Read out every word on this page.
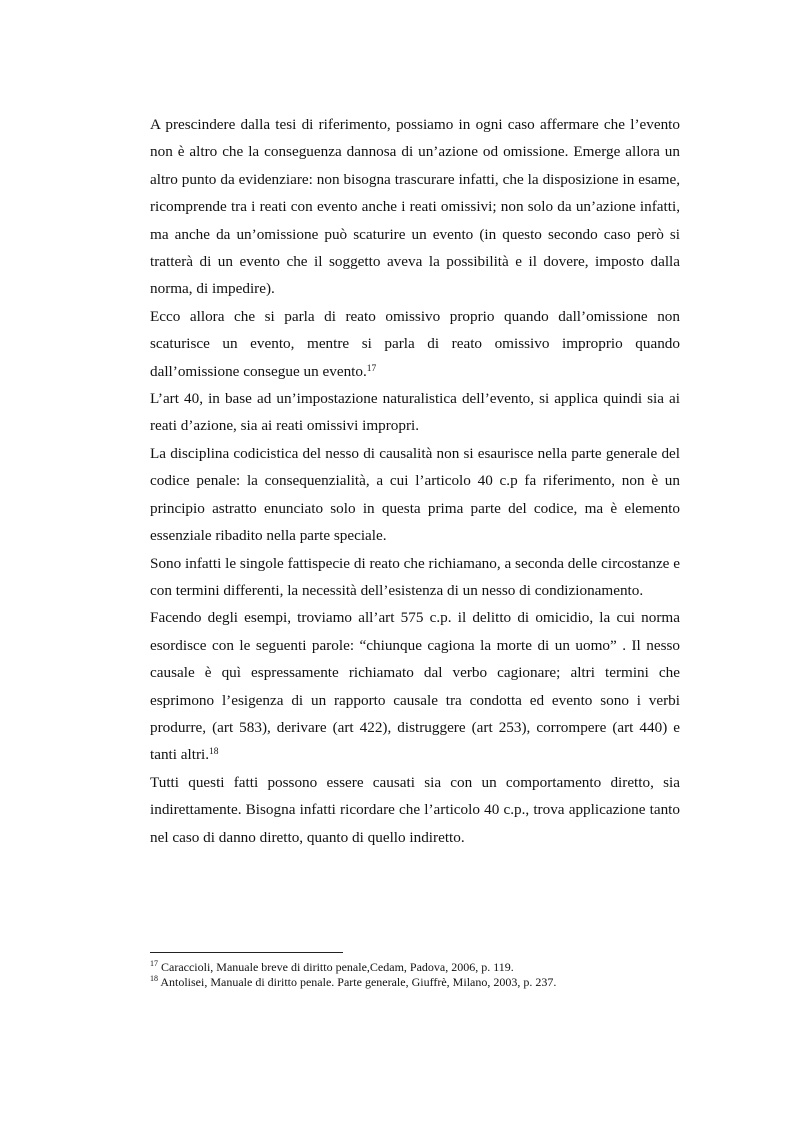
A prescindere dalla tesi di riferimento, possiamo in ogni caso affermare che l’evento non è altro che la conseguenza dannosa di un’azione od omissione. Emerge allora un altro punto da evidenziare: non bisogna trascurare infatti, che la disposizione in esame, ricomprende tra i reati con evento anche i reati omissivi; non solo da un’azione infatti, ma anche da un’omissione può scaturire un evento (in questo secondo caso però si tratterà di un evento che il soggetto aveva la possibilità e il dovere, imposto dalla norma, di impedire).

Ecco allora che si parla di reato omissivo proprio quando dall’omissione non scaturisce un evento, mentre si parla di reato omissivo improprio quando dall’omissione consegue un evento.$^{17}$

L’art 40, in base ad un’impostazione naturalistica dell’evento, si applica quindi sia ai reati d’azione, sia ai reati omissivi impropri.

La disciplina codicistica del nesso di causalità non si esaurisce nella parte generale del codice penale: la consequenzialità, a cui l’articolo 40 c.p fa riferimento, non è un principio astratto enunciato solo in questa prima parte del codice, ma è elemento essenziale ribadito nella parte speciale.

Sono infatti le singole fattispecie di reato che richiamano, a seconda delle circostanze e con termini differenti, la necessità dell’esistenza di un nesso di condizionamento.

Facendo degli esempi, troviamo all’art 575 c.p. il delitto di omicidio, la cui norma esordisce con le seguenti parole: “chiunque cagiona la morte di un uomo” . Il nesso causale è quì espressamente richiamato dal verbo cagionare; altri termini che esprimono l’esigenza di un rapporto causale tra condotta ed evento sono i verbi produrre, (art 583), derivare (art 422), distruggere (art 253), corrompere (art 440) e tanti altri.$^{18}$

Tutti questi fatti possono essere causati sia con un comportamento diretto, sia indirettamente. Bisogna infatti ricordare che l’articolo 40 c.p., trova applicazione tanto nel caso di danno diretto, quanto di quello indiretto.

$^{17}$ Caraccioli, Manuale breve di diritto penale,Cedam, Padova, 2006, p. 119.

$^{18}$ Antolisei, Manuale di diritto penale. Parte generale, Giuffrè, Milano, 2003, p. 237.
